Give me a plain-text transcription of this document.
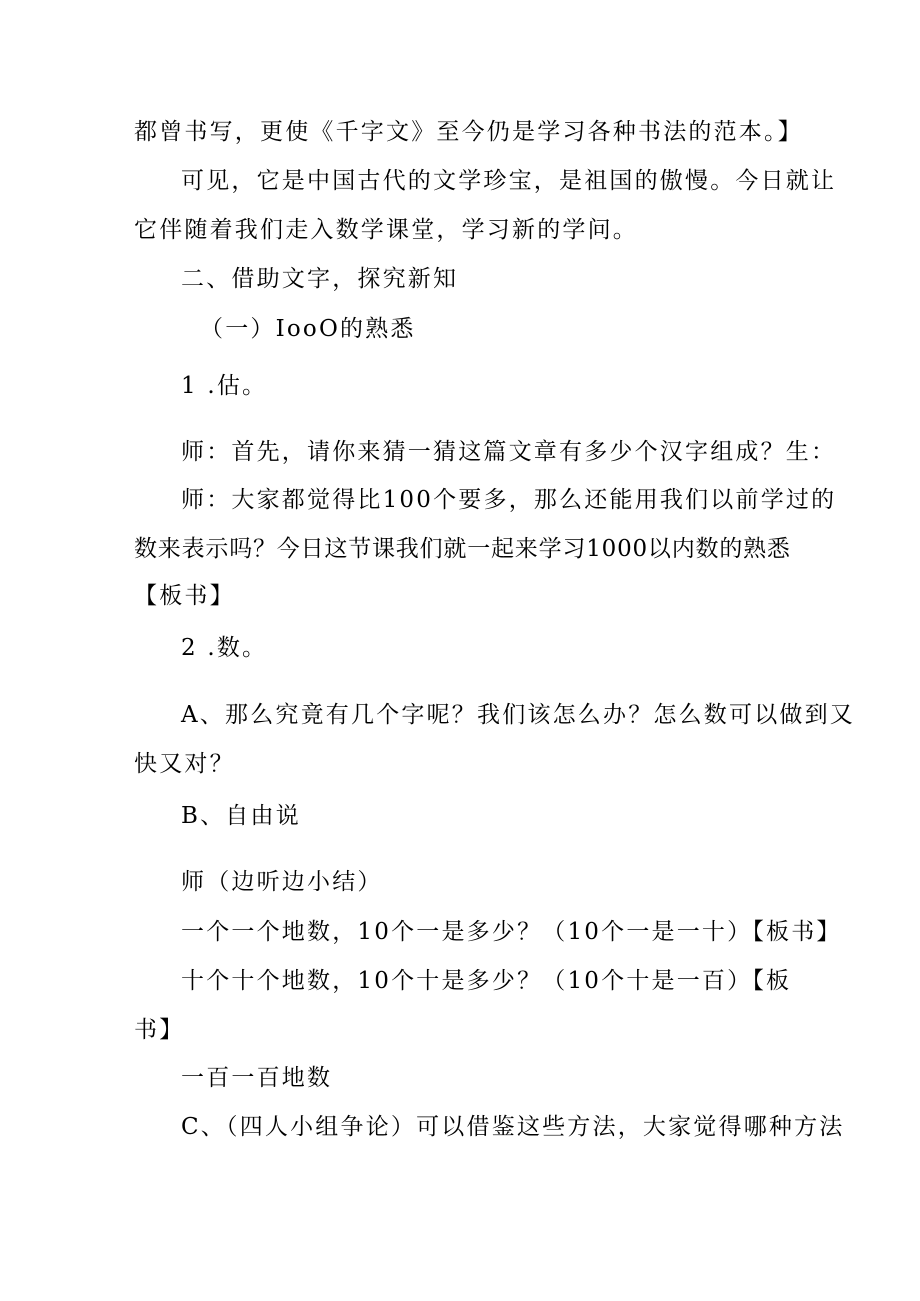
都曾书写，更使《千字文》至今仍是学习各种书法的范本。】
可见，它是中国古代的文学珍宝，是祖国的傲慢。今日就让
它伴随着我们走入数学课堂，学习新的学问。
二、借助文字，探究新知
（一）IooO的熟悉
1 .估。
师：首先，请你来猜一猜这篇文章有多少个汉字组成？生：
师：大家都觉得比100个要多，那么还能用我们以前学过的
数来表示吗？今日这节课我们就一起来学习1000以内数的熟悉
【板书】
2 .数。
A、那么究竟有几个字呢？我们该怎么办？怎么数可以做到又
快又对？
B、自由说
师（边听边小结）
一个一个地数，10个一是多少？（10个一是一十）【板书】
十个十个地数，10个十是多少？（10个十是一百）【板
书】
一百一百地数
C、（四人小组争论）可以借鉴这些方法，大家觉得哪种方法
